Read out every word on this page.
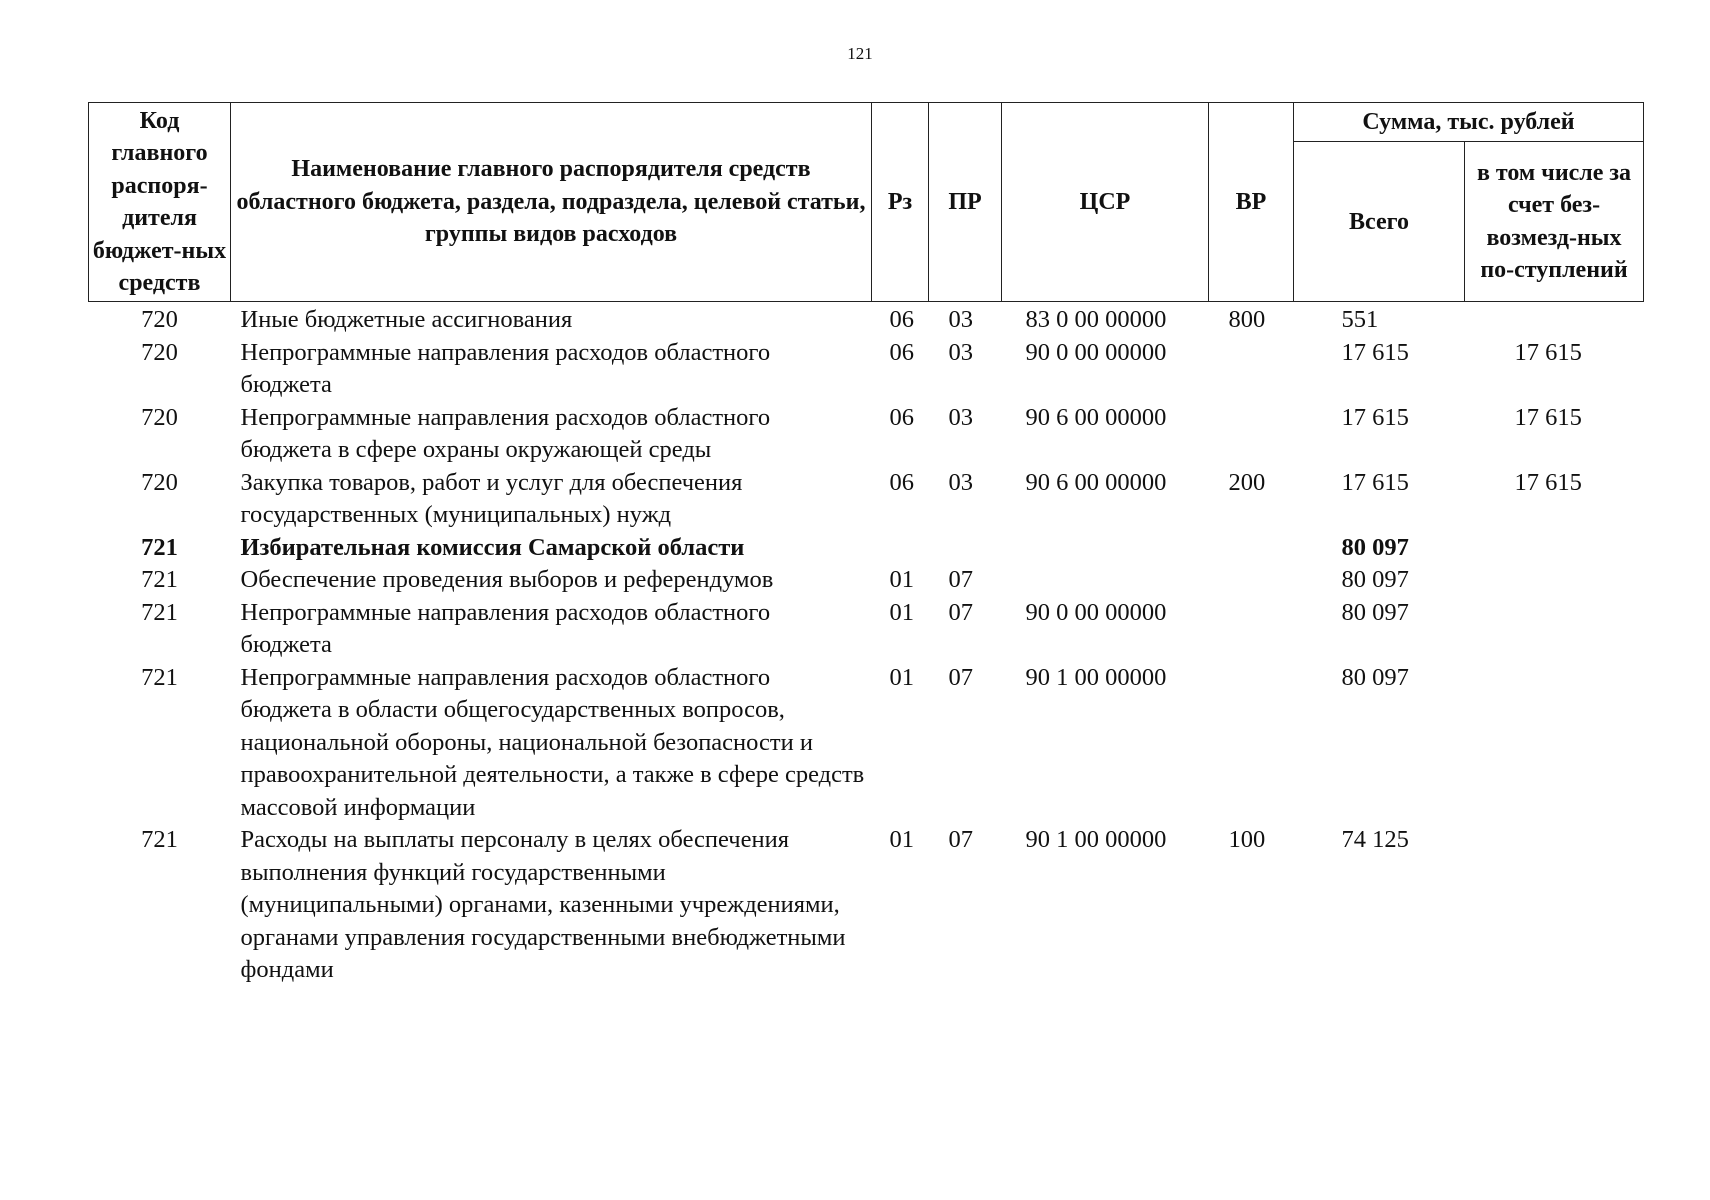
121
Код главного распоря-дителя бюджет-ных средств	Наименование главного распорядителя средств областного бюджета, раздела, подраздела, целевой статьи, группы видов расходов	Рз	ПР	ЦСР	ВР	Сумма, тыс. рублей	
						Всего	в том числе за счет без-возмезд-ных по-ступлений
720	Иные бюджетные ассигнования	06	03	83 0 00 00000	800	551	
720	Непрограммные направления расходов областного бюджета	06	03	90 0 00 00000		17 615	17 615
720	Непрограммные направления расходов областного бюджета в сфере охраны окружающей среды	06	03	90 6 00 00000		17 615	17 615
720	Закупка товаров, работ и услуг для обеспечения государственных (муниципальных) нужд	06	03	90 6 00 00000	200	17 615	17 615
721	Избирательная комиссия Самарской области					80 097	
721	Обеспечение проведения выборов и референдумов	01	07			80 097	
721	Непрограммные направления расходов областного бюджета	01	07	90 0 00 00000		80 097	
721	Непрограммные направления расходов областного бюджета в области общегосударственных вопросов, национальной обороны, национальной безопасности и правоохранительной деятельности, а также в сфере средств массовой информации	01	07	90 1 00 00000		80 097	
721	Расходы на выплаты персоналу в целях обеспечения выполнения функций государственными (муниципальными) органами, казенными учреждениями, органами управления государственными внебюджетными фондами	01	07	90 1 00 00000	100	74 125	
